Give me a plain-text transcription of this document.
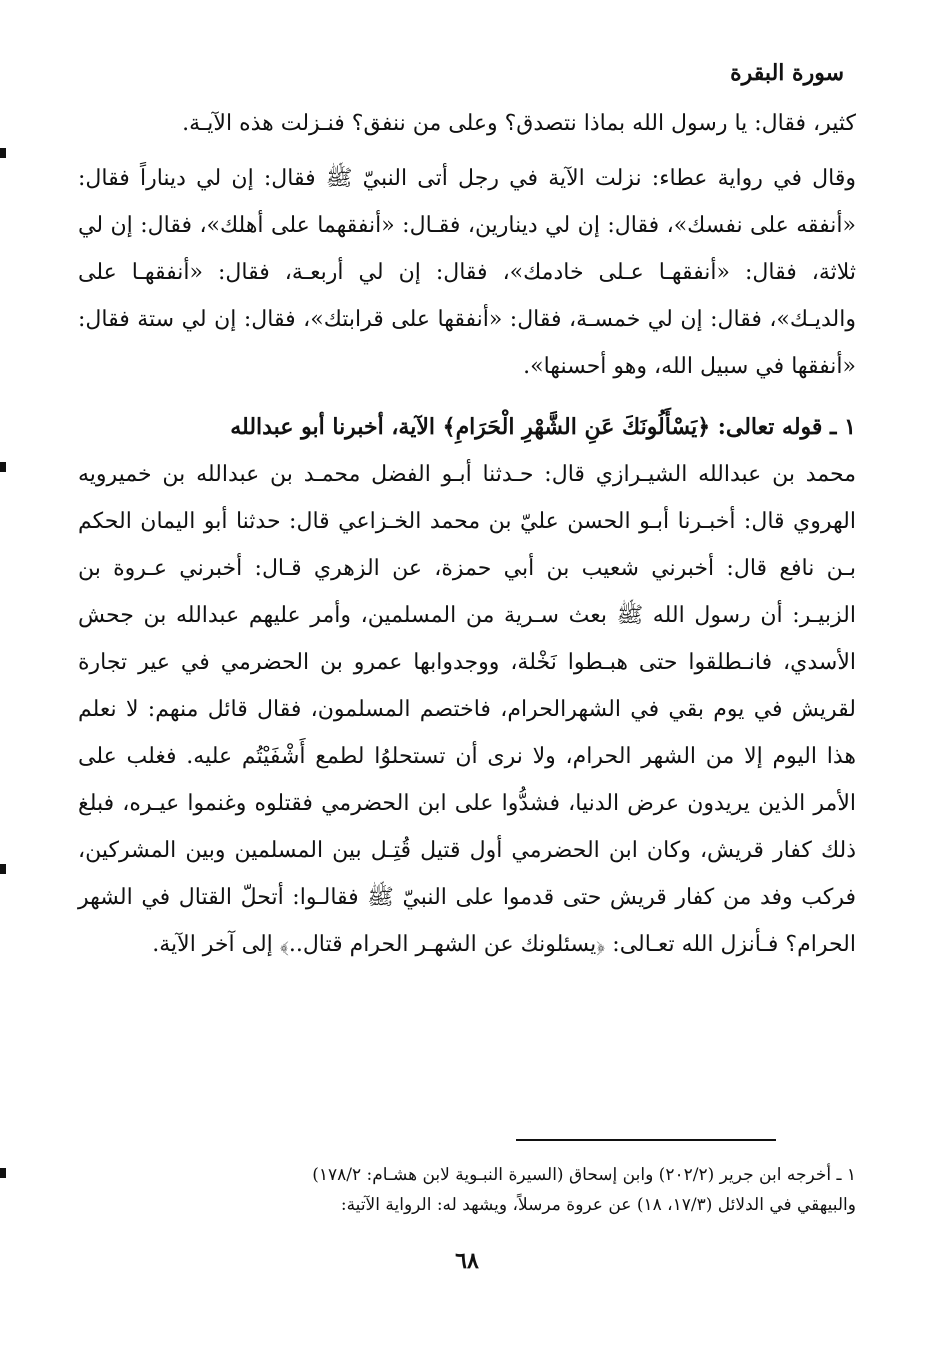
سورة البقرة

كثير، فقال: يا رسول الله بماذا نتصدق؟ وعلى من ننفق؟ فنـزلت هذه الآيـة.

وقال في رواية عطاء: نزلت الآية في رجل أتى النبيّ ﷺ فقال: إن لي ديناراً فقال: «أنفقه على نفسك»، فقال: إن لي دينارين، فقـال: «أنفقهما على أهلك»، فقال: إن لي ثلاثة، فقال: «أنفقهـا عـلى خادمك»، فقال: إن لي أربعـة، فقال: «أنفقهـا على والديـك»، فقال: إن لي خمسـة، فقال: «أنفقها على قرابتك»، فقال: إن لي ستة فقال: «أنفقها في سبيل الله، وهو أحسنها».

١ ـ قوله تعالى: ﴿يَسْأَلُونَكَ عَنِ الشَّهْرِ الْحَرَامِ﴾ الآية، أخبرنا أبو عبدالله

محمد بن عبدالله الشيـرازي قال: حـدثنا أبـو الفضل محمـد بن عبدالله بن خميرويه الهروي قال: أخبـرنا أبـو الحسن عليّ بن محمد الخـزاعي قال: حدثنا أبو اليمان الحكم بـن نافع قال: أخبرني شعيب بن أبي حمزة، عن الزهري قـال: أخبرني عـروة بن الزبيـر: أن رسول الله ﷺ بعث سـرية من المسلمين، وأمر عليهم عبدالله بن جحش الأسدي، فانـطلقوا حتى هبـطوا نَخْلة، ووجدوابها عمرو بن الحضرمي في عير تجارة لقريش في يوم بقي في الشهرالحرام، فاختصم المسلمون، فقال قائل منهم: لا نعلم هذا اليوم إلا من الشهر الحرام، ولا نرى أن تستحلوُا لطمع أَشْفَيْتُم عليه. فغلب على الأمر الذين يريدون عرض الدنيا، فشدُّوا على ابن الحضرمي فقتلوه وغنموا عيـره، فبلغ ذلك كفار قريش، وكان ابن الحضرمي أول قتيل قُتِـل بين المسلمين وبين المشركين، فركب وفد من كفار قريش حتى قدموا على النبيّ ﷺ فقالـوا: أتحلّ القتال في الشهر الحرام؟ فـأنزل الله تعـالى: ﴿يسئلونك عن الشهـر الحرام قتال..﴾ إلى آخر الآية.

١ ـ أخرجه ابن جرير (٢٠٢/٢) وابن إسحاق (السيرة النبـوية لابن هشـام: ١٧٨/٢)

والبيهقي في الدلائل (١٧/٣، ١٨) عن عروة مرسلاً، ويشهد له: الرواية الآتية:

٦٨
